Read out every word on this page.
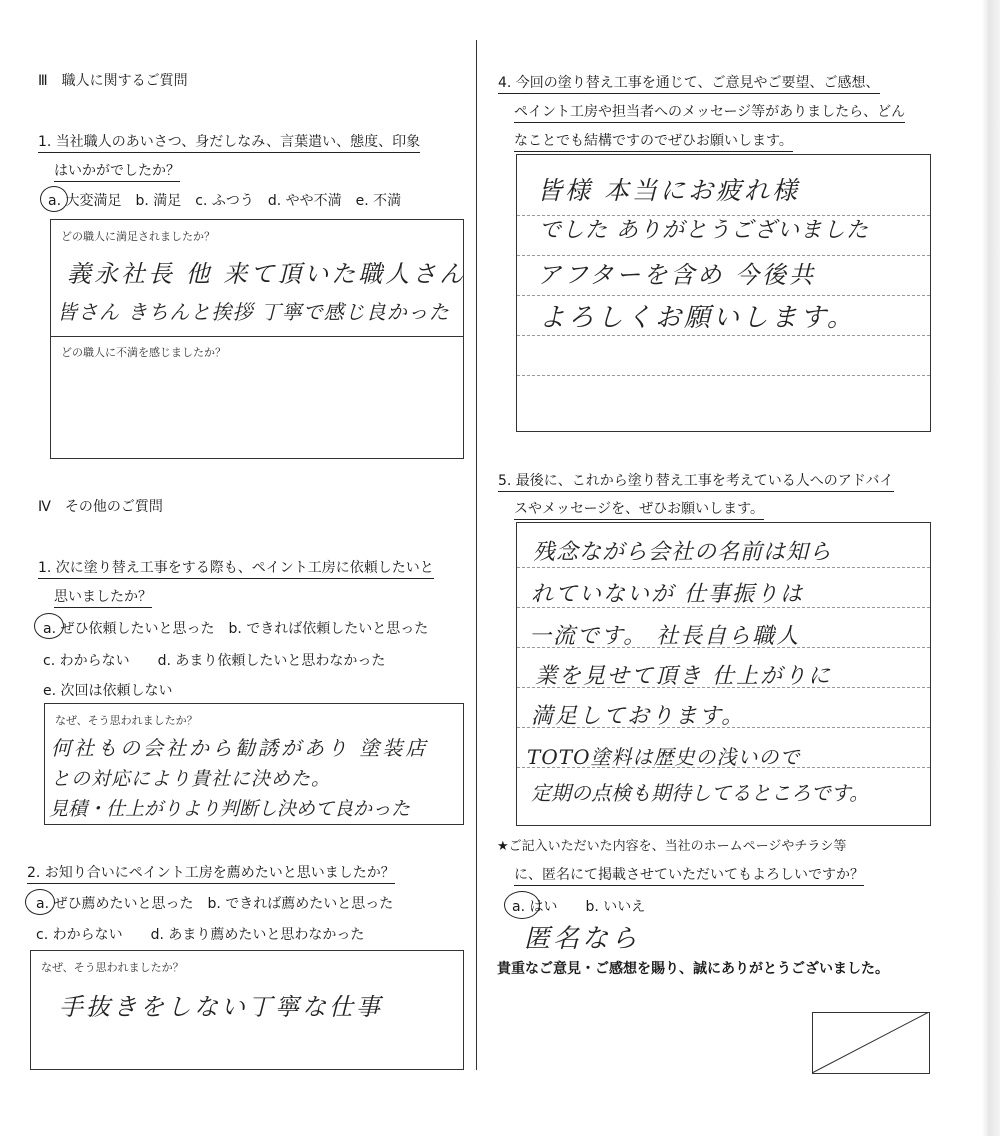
Ⅲ　職人に関するご質問
1. 当社職人のあいさつ、身だしなみ、言葉遣い、態度、印象
はいかがでしたか？
a. 大変満足　b. 満足　c. ふつう　d. やや不満　e. 不満
どの職人に満足されましたか？
義永社長 他 来て頂いた職人さん
皆さん きちんと挨拶 丁寧で感じ良かった
どの職人に不満を感じましたか？
Ⅳ　その他のご質問
1. 次に塗り替え工事をする際も、ペイント工房に依頼したいと
思いましたか？
a. ぜひ依頼したいと思った　b. できれば依頼したいと思った
c. わからない　　d. あまり依頼したいと思わなかった
e. 次回は依頼しない
なぜ、そう思われましたか？
何社もの会社から勧誘があり 塗装店
との対応により貴社に決めた。
見積・仕上がりより判断し決めて良かった
2. お知り合いにペイント工房を薦めたいと思いましたか？
a. ぜひ薦めたいと思った　b. できれば薦めたいと思った
c. わからない　　d. あまり薦めたいと思わなかった
なぜ、そう思われましたか？
手抜きをしない丁寧な仕事
4. 今回の塗り替え工事を通じて、ご意見やご要望、ご感想、
ペイント工房や担当者へのメッセージ等がありましたら、どん
なことでも結構ですのでぜひお願いします。
皆様 本当にお疲れ様
でした ありがとうございました
アフターを含め 今後共
よろしくお願いします。
5. 最後に、これから塗り替え工事を考えている人へのアドバイ
スやメッセージを、ぜひお願いします。
残念ながら会社の名前は知ら
れていないが 仕事振りは
一流です。 社長自ら職人
業を見せて頂き 仕上がりに
満足しております。
TOTO塗料は歴史の浅いので
定期の点検も期待してるところです。
★ご記入いただいた内容を、当社のホームページやチラシ等
に、匿名にて掲載させていただいてもよろしいですか？
a. はい　　b. いいえ
匿名なら
貴重なご意見・ご感想を賜り、誠にありがとうございました。
